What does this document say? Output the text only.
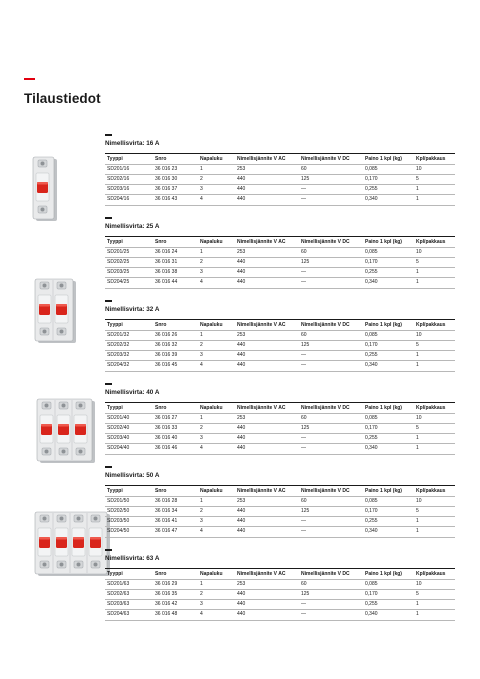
Tilaustiedot
Nimellisvirta: 16 A
Tyyppi	Snro	Napaluku	Nimellisjännite V AC	Nimellisjännite V DC	Paino 1 kpl (kg)	Kpl/pakkaus
SD201/16	36 016 23	1	253	60	0,085	10
SD202/16	36 016 30	2	440	125	0,170	5
SD203/16	36 016 37	3	440	—	0,255	1
SD204/16	36 016 43	4	440	—	0,340	1
Nimellisvirta: 25 A
Tyyppi	Snro	Napaluku	Nimellisjännite V AC	Nimellisjännite V DC	Paino 1 kpl (kg)	Kpl/pakkaus
SD201/25	36 016 24	1	253	60	0,085	10
SD202/25	36 016 31	2	440	125	0,170	5
SD203/25	36 016 38	3	440	—	0,255	1
SD204/25	36 016 44	4	440	—	0,340	1
Nimellisvirta: 32 A
Tyyppi	Snro	Napaluku	Nimellisjännite V AC	Nimellisjännite V DC	Paino 1 kpl (kg)	Kpl/pakkaus
SD201/32	36 016 26	1	253	60	0,085	10
SD202/32	36 016 32	2	440	125	0,170	5
SD203/32	36 016 39	3	440	—	0,255	1
SD204/32	36 016 45	4	440	—	0,340	1
Nimellisvirta: 40 A
Tyyppi	Snro	Napaluku	Nimellisjännite V AC	Nimellisjännite V DC	Paino 1 kpl (kg)	Kpl/pakkaus
SD201/40	36 016 27	1	253	60	0,085	10
SD202/40	36 016 33	2	440	125	0,170	5
SD203/40	36 016 40	3	440	—	0,255	1
SD204/40	36 016 46	4	440	—	0,340	1
Nimellisvirta: 50 A
Tyyppi	Snro	Napaluku	Nimellisjännite V AC	Nimellisjännite V DC	Paino 1 kpl (kg)	Kpl/pakkaus
SD201/50	36 016 28	1	253	60	0,085	10
SD202/50	36 016 34	2	440	125	0,170	5
SD203/50	36 016 41	3	440	—	0,255	1
SD204/50	36 016 47	4	440	—	0,340	1
Nimellisvirta: 63 A
Tyyppi	Snro	Napaluku	Nimellisjännite V AC	Nimellisjännite V DC	Paino 1 kpl (kg)	Kpl/pakkaus
SD201/63	36 016 29	1	253	60	0,085	10
SD202/63	36 016 35	2	440	125	0,170	5
SD203/63	36 016 42	3	440	—	0,255	1
SD204/63	36 016 48	4	440	—	0,340	1
